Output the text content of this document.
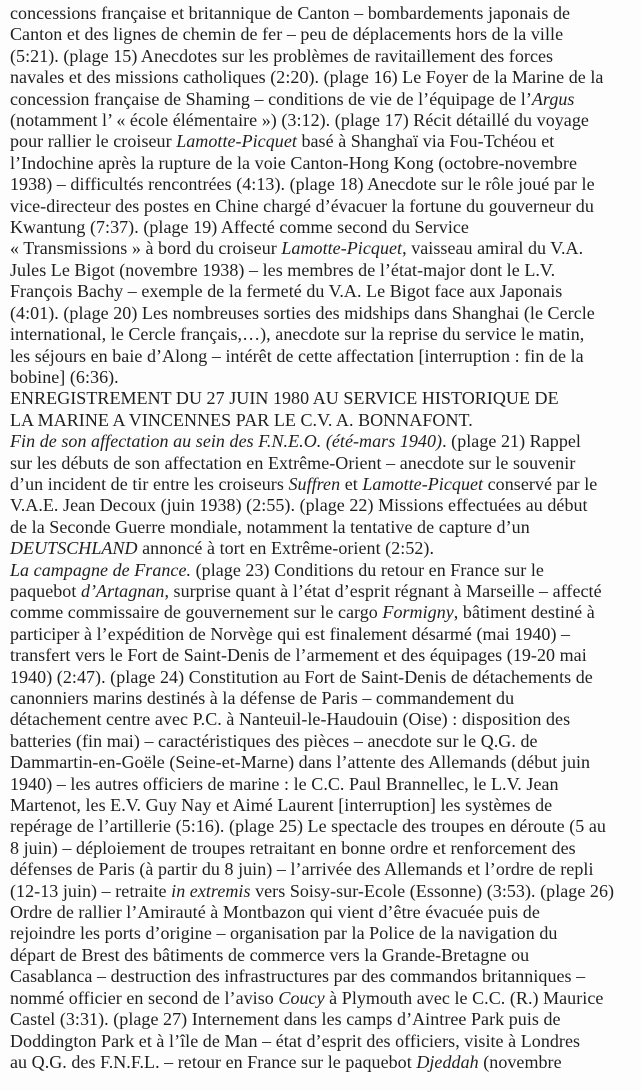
concessions française et britannique de Canton – bombardements japonais de
Canton et des lignes de chemin de fer – peu de déplacements hors de la ville
(5:21). (plage 15) Anecdotes sur les problèmes de ravitaillement des forces
navales et des missions catholiques (2:20). (plage 16) Le Foyer de la Marine de la
concession française de Shaming – conditions de vie de l’équipage de l’Argus
(notamment l’ « école élémentaire ») (3:12). (plage 17) Récit détaillé du voyage
pour rallier le croiseur Lamotte-Picquet basé à Shanghaï via Fou-Tchéou et
l’Indochine après la rupture de la voie Canton-Hong Kong (octobre-novembre
1938) – difficultés rencontrées (4:13). (plage 18) Anecdote sur le rôle joué par le
vice-directeur des postes en Chine chargé d’évacuer la fortune du gouverneur du
Kwantung (7:37). (plage 19) Affecté comme second du Service
« Transmissions » à bord du croiseur Lamotte-Picquet, vaisseau amiral du V.A.
Jules Le Bigot (novembre 1938) – les membres de l’état-major dont le L.V.
François Bachy – exemple de la fermeté du V.A. Le Bigot face aux Japonais
(4:01). (plage 20) Les nombreuses sorties des midships dans Shanghai (le Cercle
international, le Cercle français,…), anecdote sur la reprise du service le matin,
les séjours en baie d’Along – intérêt de cette affectation [interruption : fin de la
bobine] (6:36).
ENREGISTREMENT DU 27 JUIN 1980 AU SERVICE HISTORIQUE DE
LA MARINE A VINCENNES PAR LE C.V. A. BONNAFONT.
Fin de son affectation au sein des F.N.E.O. (été-mars 1940). (plage 21) Rappel
sur les débuts de son affectation en Extrême-Orient – anecdote sur le souvenir
d’un incident de tir entre les croiseurs Suffren et Lamotte-Picquet conservé par le
V.A.E. Jean Decoux (juin 1938) (2:55). (plage 22) Missions effectuées au début
de la Seconde Guerre mondiale, notamment la tentative de capture d’un
DEUTSCHLAND annoncé à tort en Extrême-orient (2:52).
La campagne de France. (plage 23) Conditions du retour en France sur le
paquebot d’Artagnan, surprise quant à l’état d’esprit régnant à Marseille – affecté
comme commissaire de gouvernement sur le cargo Formigny, bâtiment destiné à
participer à l’expédition de Norvège qui est finalement désarmé (mai 1940) –
transfert vers le Fort de Saint-Denis de l’armement et des équipages (19-20 mai
1940) (2:47). (plage 24) Constitution au Fort de Saint-Denis de détachements de
canonniers marins destinés à la défense de Paris – commandement du
détachement centre avec P.C. à Nanteuil-le-Haudouin (Oise) : disposition des
batteries (fin mai) – caractéristiques des pièces – anecdote sur le Q.G. de
Dammartin-en-Goële (Seine-et-Marne) dans l’attente des Allemands (début juin
1940) – les autres officiers de marine : le C.C. Paul Brannellec, le L.V. Jean
Martenot, les E.V. Guy Nay et Aimé Laurent [interruption] les systèmes de
repérage de l’artillerie (5:16). (plage 25) Le spectacle des troupes en déroute (5 au
8 juin) – déploiement de troupes retraitant en bonne ordre et renforcement des
défenses de Paris (à partir du 8 juin) – l’arrivée des Allemands et l’ordre de repli
(12-13 juin) – retraite in extremis vers Soisy-sur-Ecole (Essonne) (3:53). (plage 26)
Ordre de rallier l’Amirauté à Montbazon qui vient d’être évacuée puis de
rejoindre les ports d’origine – organisation par la Police de la navigation du
départ de Brest des bâtiments de commerce vers la Grande-Bretagne ou
Casablanca – destruction des infrastructures par des commandos britanniques –
nommé officier en second de l’aviso Coucy à Plymouth avec le C.C. (R.) Maurice
Castel (3:31). (plage 27) Internement dans les camps d’Aintree Park puis de
Doddington Park et à l’île de Man – état d’esprit des officiers, visite à Londres
au Q.G. des F.N.F.L. – retour en France sur le paquebot Djeddah (novembre
